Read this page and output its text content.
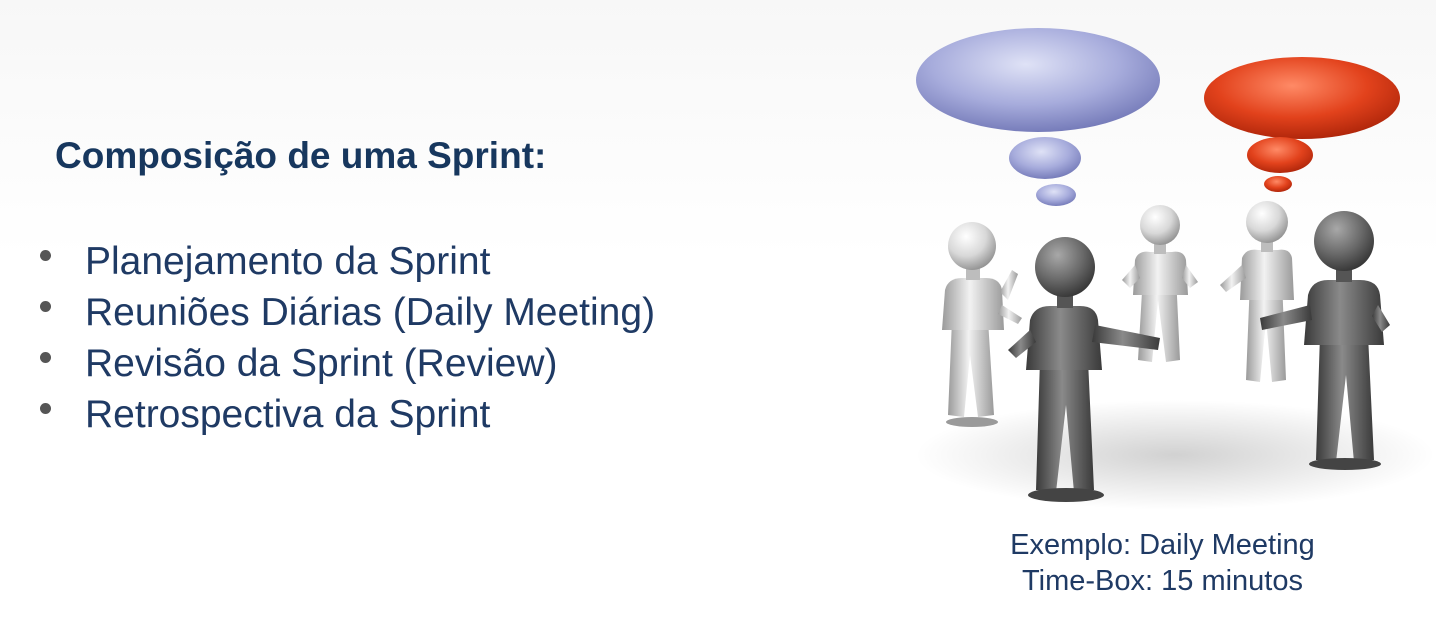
Composição de uma Sprint:
Planejamento da Sprint
Reuniões Diárias (Daily Meeting)
Revisão da Sprint (Review)
Retrospectiva da Sprint
Exemplo: Daily Meeting
Time-Box: 15 minutos
